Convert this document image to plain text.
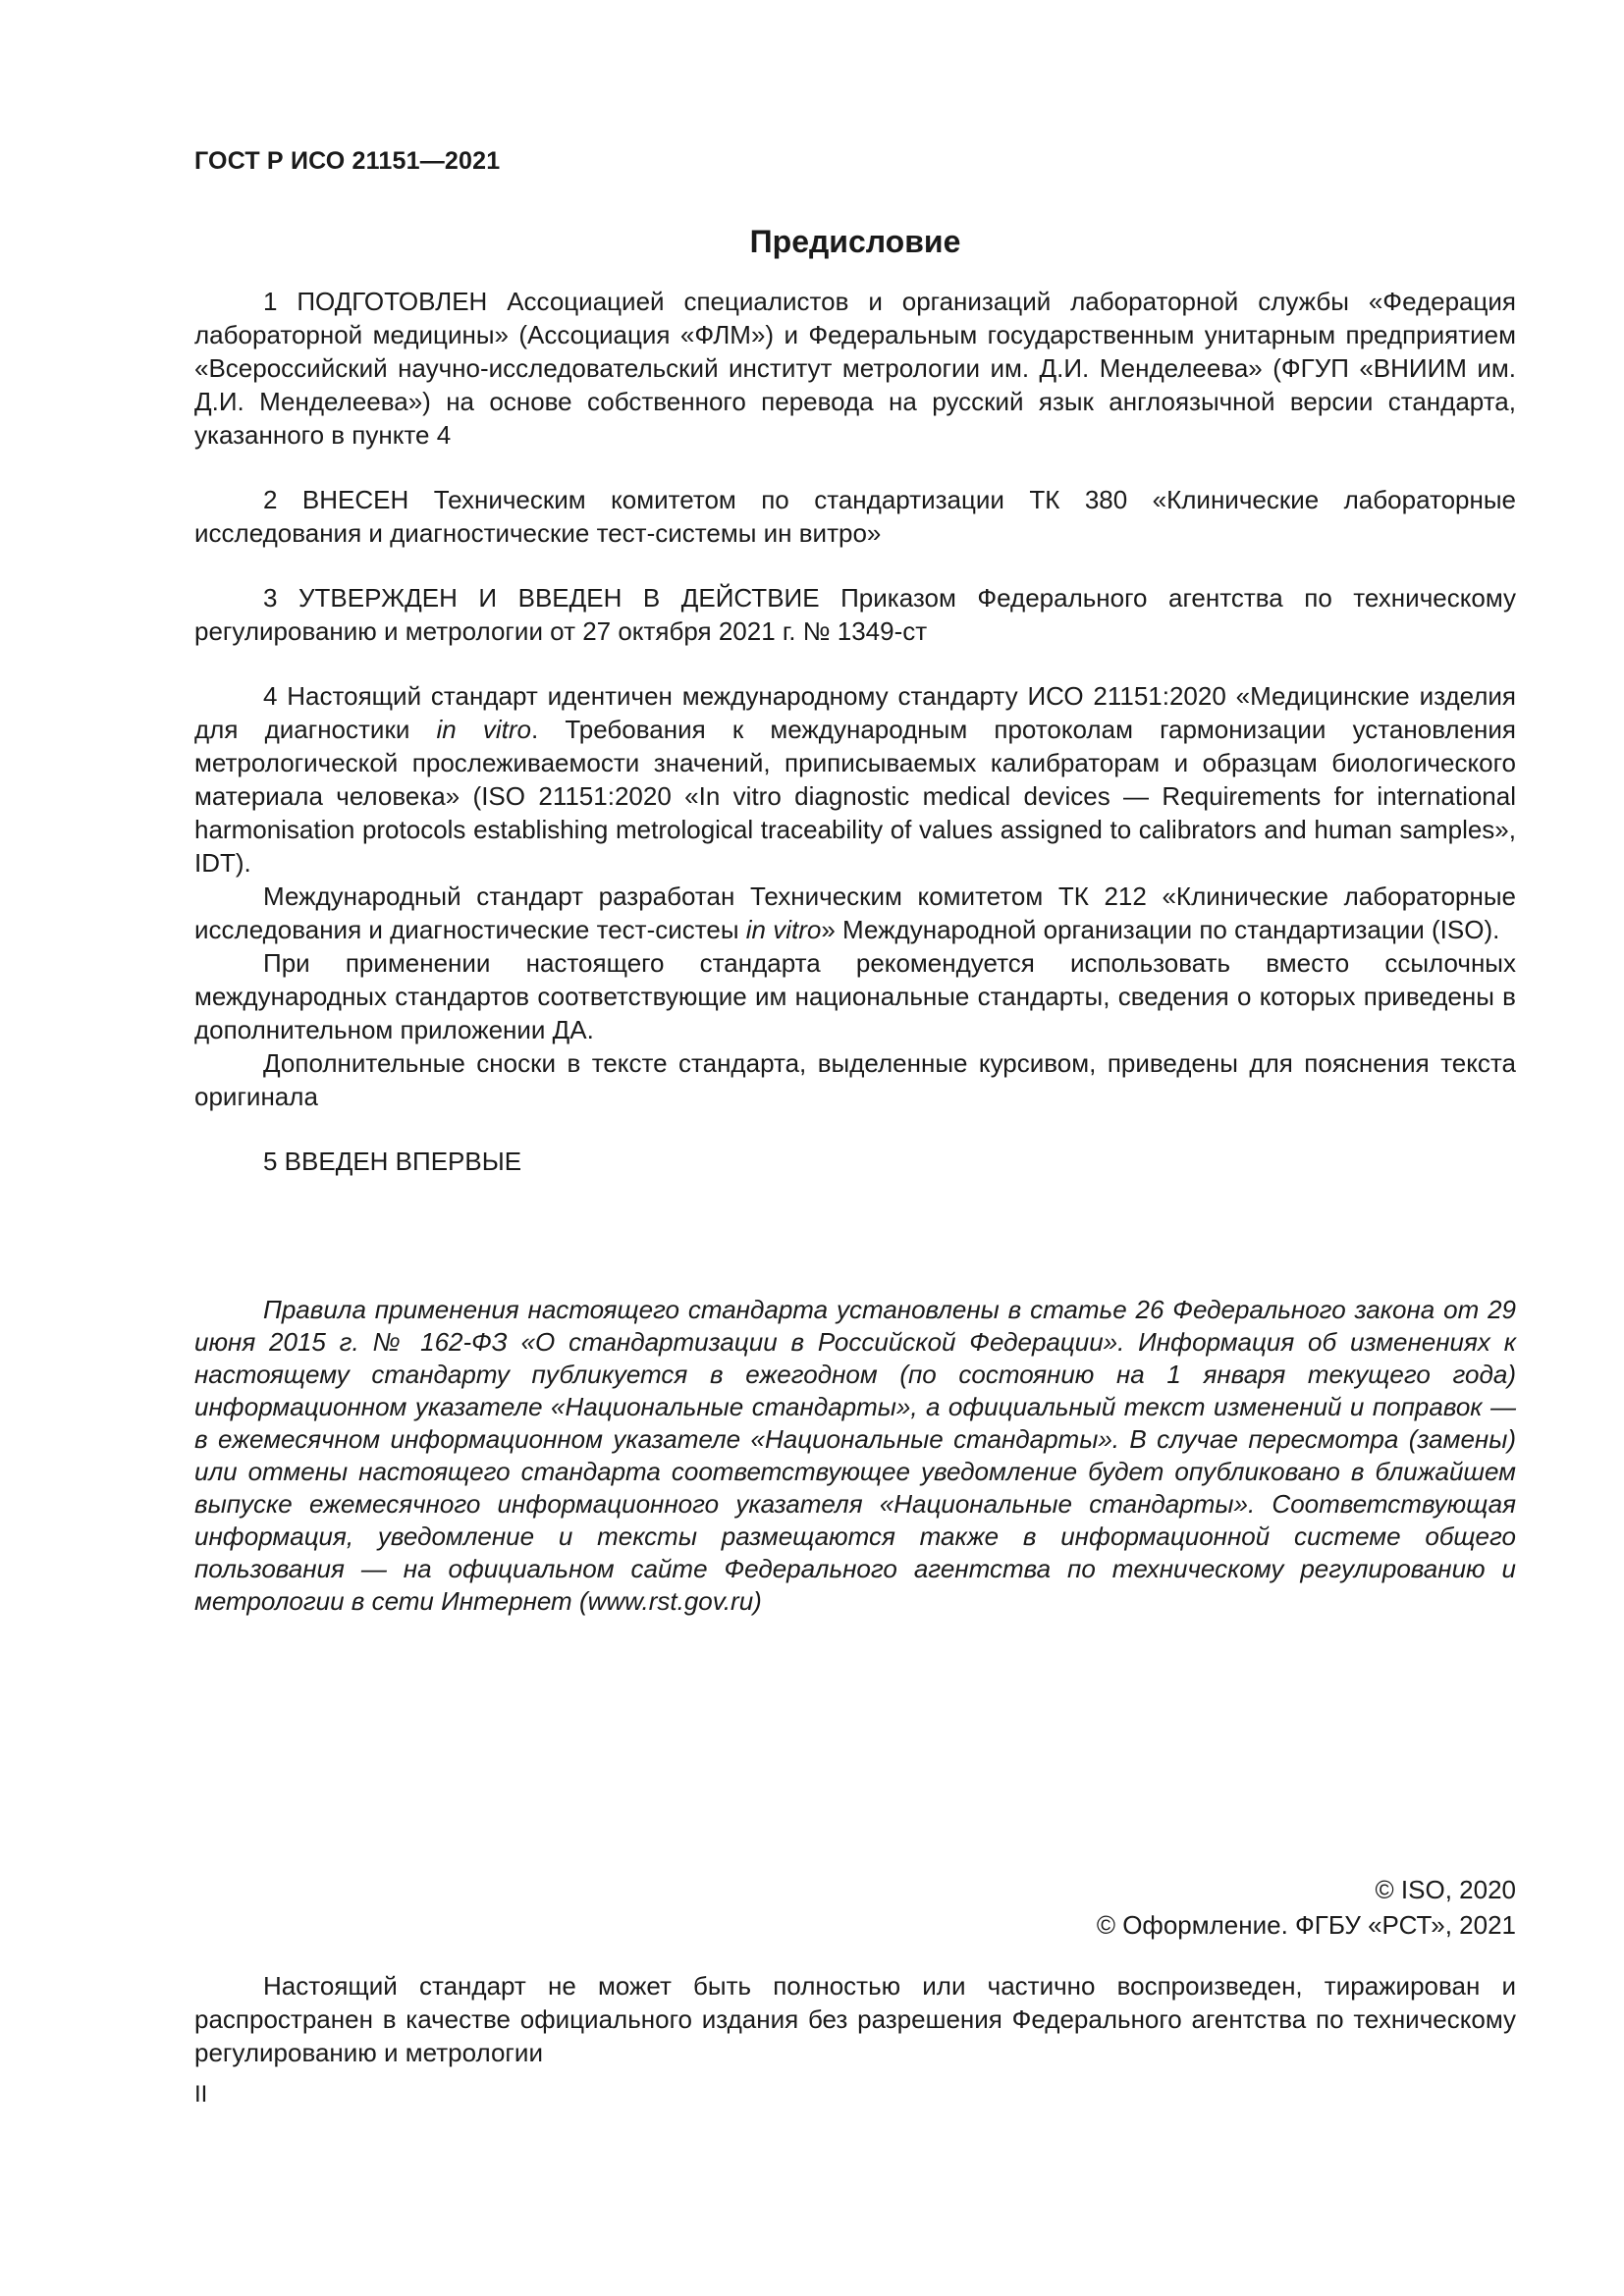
ГОСТ Р ИСО 21151—2021
Предисловие

1 ПОДГОТОВЛЕН Ассоциацией специалистов и организаций лабораторной службы «Федерация лабораторной медицины» (Ассоциация «ФЛМ») и Федеральным государственным унитарным предприятием «Всероссийский научно-исследовательский институт метрологии им. Д.И. Менделеева» (ФГУП «ВНИИМ им. Д.И. Менделеева») на основе собственного перевода на русский язык англоязычной версии стандарта, указанного в пункте 4

2 ВНЕСЕН Техническим комитетом по стандартизации ТК 380 «Клинические лабораторные исследования и диагностические тест-системы ин витро»

3 УТВЕРЖДЕН И ВВЕДЕН В ДЕЙСТВИЕ Приказом Федерального агентства по техническому регулированию и метрологии от 27 октября 2021 г. № 1349-ст

4 Настоящий стандарт идентичен международному стандарту ИСО 21151:2020 «Медицинские изделия для диагностики in vitro. Требования к международным протоколам гармонизации установления метрологической прослеживаемости значений, приписываемых калибраторам и образцам биологического материала человека» (ISO 21151:2020 «In vitro diagnostic medical devices — Requirements for international harmonisation protocols establishing metrological traceability of values assigned to calibrators and human samples», IDT).

Международный стандарт разработан Техническим комитетом ТК 212 «Клинические лабораторные исследования и диагностические тест-систеы in vitro» Международной организации по стандартизации (ISO).

При применении настоящего стандарта рекомендуется использовать вместо ссылочных международных стандартов соответствующие им национальные стандарты, сведения о которых приведены в дополнительном приложении ДА.

Дополнительные сноски в тексте стандарта, выделенные курсивом, приведены для пояснения текста оригинала

5 ВВЕДЕН ВПЕРВЫЕ

Правила применения настоящего стандарта установлены в статье 26 Федерального закона от 29 июня 2015 г. № 162-ФЗ «О стандартизации в Российской Федерации». Информация об изменениях к настоящему стандарту публикуется в ежегодном (по состоянию на 1 января текущего года) информационном указателе «Национальные стандарты», а официальный текст изменений и поправок — в ежемесячном информационном указателе «Национальные стандарты». В случае пересмотра (замены) или отмены настоящего стандарта соответствующее уведомление будет опубликовано в ближайшем выпуске ежемесячного информационного указателя «Национальные стандарты». Соответствующая информация, уведомление и тексты размещаются также в информационной системе общего пользования — на официальном сайте Федерального агентства по техническому регулированию и метрологии в сети Интернет (www.rst.gov.ru)

© ISO, 2020
© Оформление. ФГБУ «РСТ», 2021

Настоящий стандарт не может быть полностью или частично воспроизведен, тиражирован и распространен в качестве официального издания без разрешения Федерального агентства по техническому регулированию и метрологии

II
